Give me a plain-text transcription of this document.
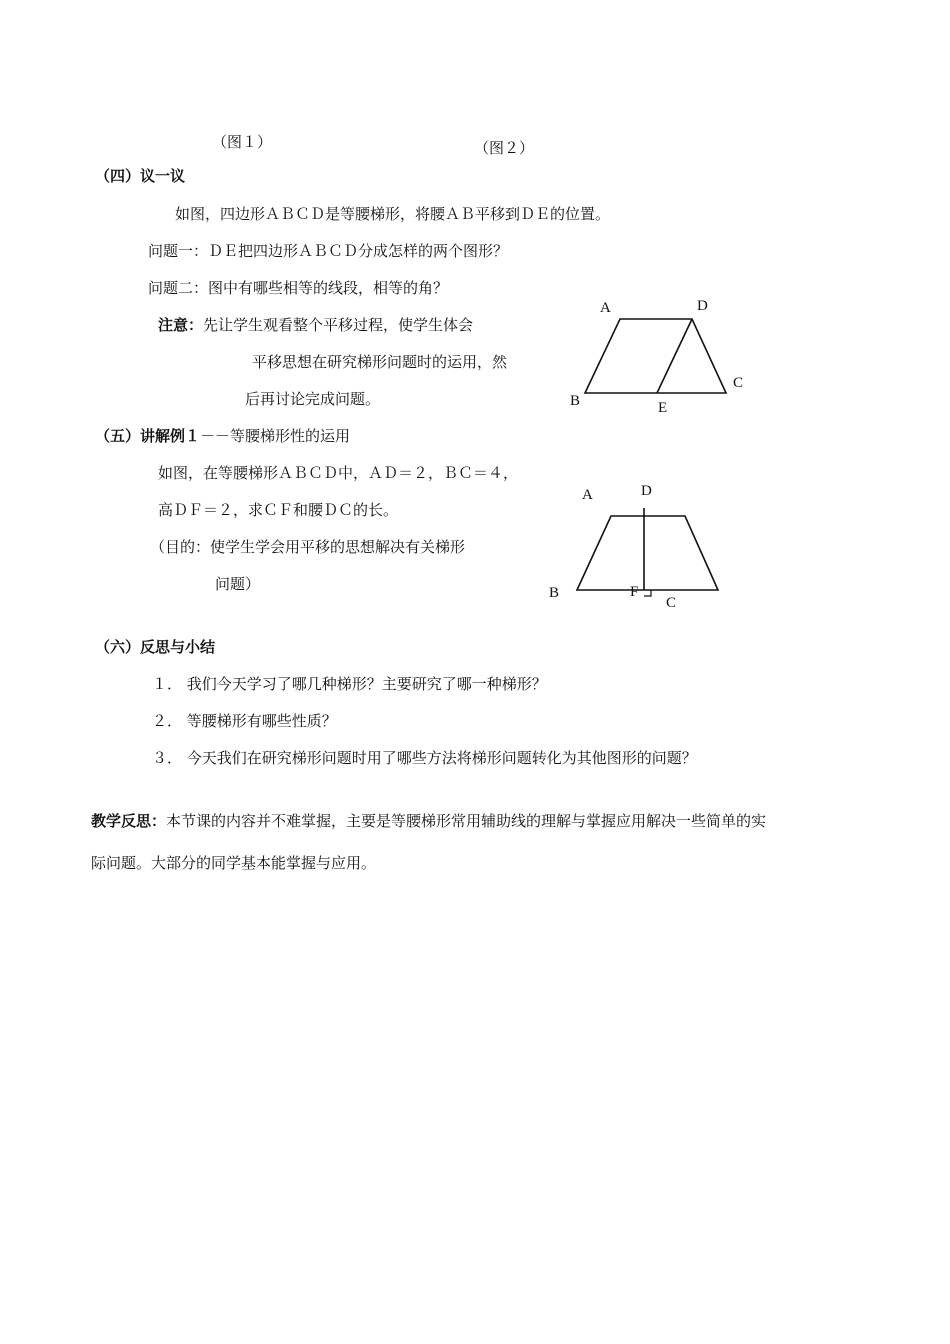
（图１）	（图２）
（四）议一议
如图，四边形ＡＢＣＤ是等腰梯形，将腰ＡＢ平移到ＤＥ的位置。
问题一：ＤＥ把四边形ＡＢＣＤ分成怎样的两个图形？
问题二：图中有哪些相等的线段，相等的角？
注意：先让学生观看整个平移过程，使学生体会
平移思想在研究梯形问题时的运用，然
后再讨论完成问题。
A	D
C
B	E
（五）讲解例１－－等腰梯形性的运用
如图，在等腰梯形ＡＢＣＤ中，ＡＤ＝２，ＢＣ＝４，
高ＤＦ＝２，求ＣＦ和腰ＤＣ的长。
（目的：使学生学会用平移的思想解决有关梯形
问题）
A	D
B	F
C
（六）反思与小结
１． 我们今天学习了哪几种梯形？主要研究了哪一种梯形？
２． 等腰梯形有哪些性质？
３． 今天我们在研究梯形问题时用了哪些方法将梯形问题转化为其他图形的问题？
教学反思：本节课的内容并不难掌握，主要是等腰梯形常用辅助线的理解与掌握应用解决一些简单的实
际问题。大部分的同学基本能掌握与应用。
